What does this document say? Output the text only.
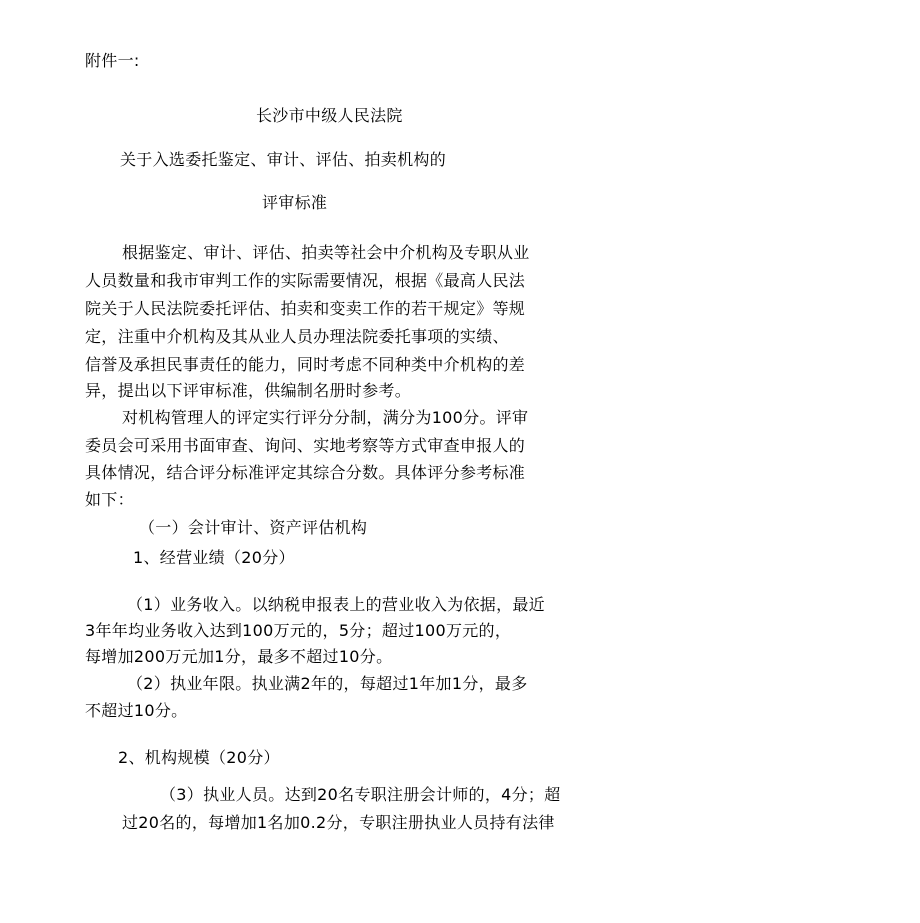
附件一:
长沙市中级人民法院
关于入选委托鉴定、审计、评估、拍卖机构的
评审标准
根据鉴定、审计、评估、拍卖等社会中介机构及专职从业
人员数量和我市审判工作的实际需要情况，根据《最高人民法
院关于人民法院委托评估、拍卖和变卖工作的若干规定》等规
定，注重中介机构及其从业人员办理法院委托事项的实绩、
信誉及承担民事责任的能力，同时考虑不同种类中介机构的差
异，提出以下评审标准，供编制名册时参考。
对机构管理人的评定实行评分分制，满分为100分。评审
委员会可采用书面审查、询问、实地考察等方式审查申报人的
具体情况，结合评分标准评定其综合分数。具体评分参考标准
如下：
（一）会计审计、资产评估机构
1、经营业绩（20分）
（1）业务收入。以纳税申报表上的营业收入为依据，最近
3年年均业务收入达到100万元的，5分；超过100万元的，
每增加200万元加1分，最多不超过10分。
（2）执业年限。执业满2年的，每超过1年加1分，最多
不超过10分。
2、机构规模（20分）
（3）执业人员。达到20名专职注册会计师的，4分；超
过20名的，每增加1名加0.2分，专职注册执业人员持有法律
